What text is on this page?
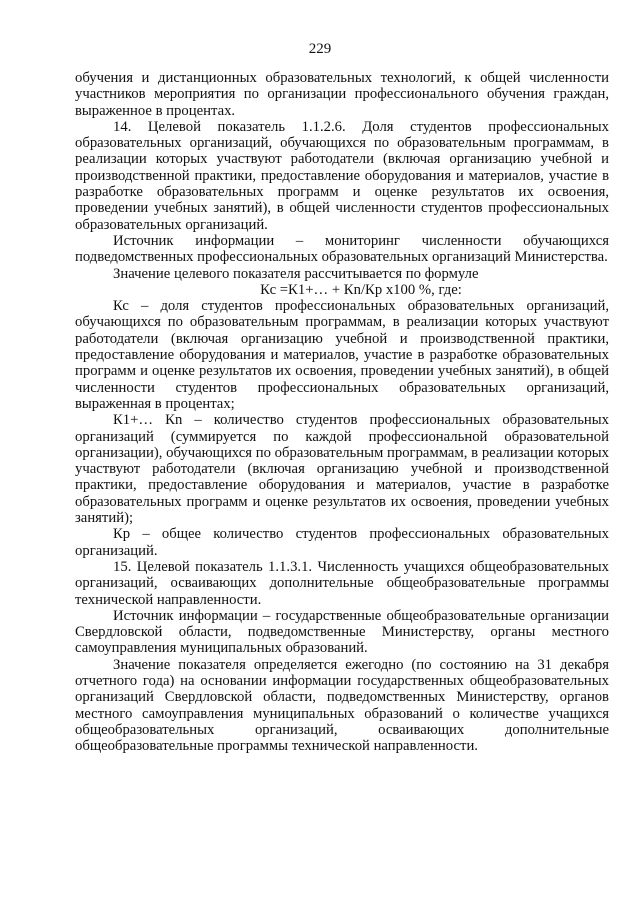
229

обучения и дистанционных образовательных технологий, к общей численности участников мероприятия по организации профессионального обучения граждан, выраженное в процентах.

14. Целевой показатель 1.1.2.6. Доля студентов профессиональных образовательных организаций, обучающихся по образовательным программам, в реализации которых участвуют работодатели (включая организацию учебной и производственной практики, предоставление оборудования и материалов, участие в разработке образовательных программ и оценке результатов их освоения, проведении учебных занятий), в общей численности студентов профессиональных образовательных организаций.

Источник информации – мониторинг численности обучающихся подведомственных профессиональных образовательных организаций Министерства.

Значение целевого показателя рассчитывается по формуле

Кс =К1+… + Кn/Кр х100 %, где:

Кс – доля студентов профессиональных образовательных организаций, обучающихся по образовательным программам, в реализации которых участвуют работодатели (включая организацию учебной и производственной практики, предоставление оборудования и материалов, участие в разработке образовательных программ и оценке результатов их освоения, проведении учебных занятий), в общей численности студентов профессиональных образовательных организаций, выраженная в процентах;

К1+… Кn – количество студентов профессиональных образовательных организаций (суммируется по каждой профессиональной образовательной организации), обучающихся по образовательным программам, в реализации которых участвуют работодатели (включая организацию учебной и производственной практики, предоставление оборудования и материалов, участие в разработке образовательных программ и оценке результатов их освоения, проведении учебных занятий);

Кр – общее количество студентов профессиональных образовательных организаций.

15. Целевой показатель 1.1.3.1. Численность учащихся общеобразовательных организаций, осваивающих дополнительные общеобразовательные программы технической направленности.

Источник информации – государственные общеобразовательные организации Свердловской области, подведомственные Министерству, органы местного самоуправления муниципальных образований.

Значение показателя определяется ежегодно (по состоянию на 31 декабря отчетного года) на основании информации государственных общеобразовательных организаций Свердловской области, подведомственных Министерству, органов местного самоуправления муниципальных образований о количестве учащихся общеобразовательных организаций, осваивающих дополнительные общеобразовательные программы технической направленности.
